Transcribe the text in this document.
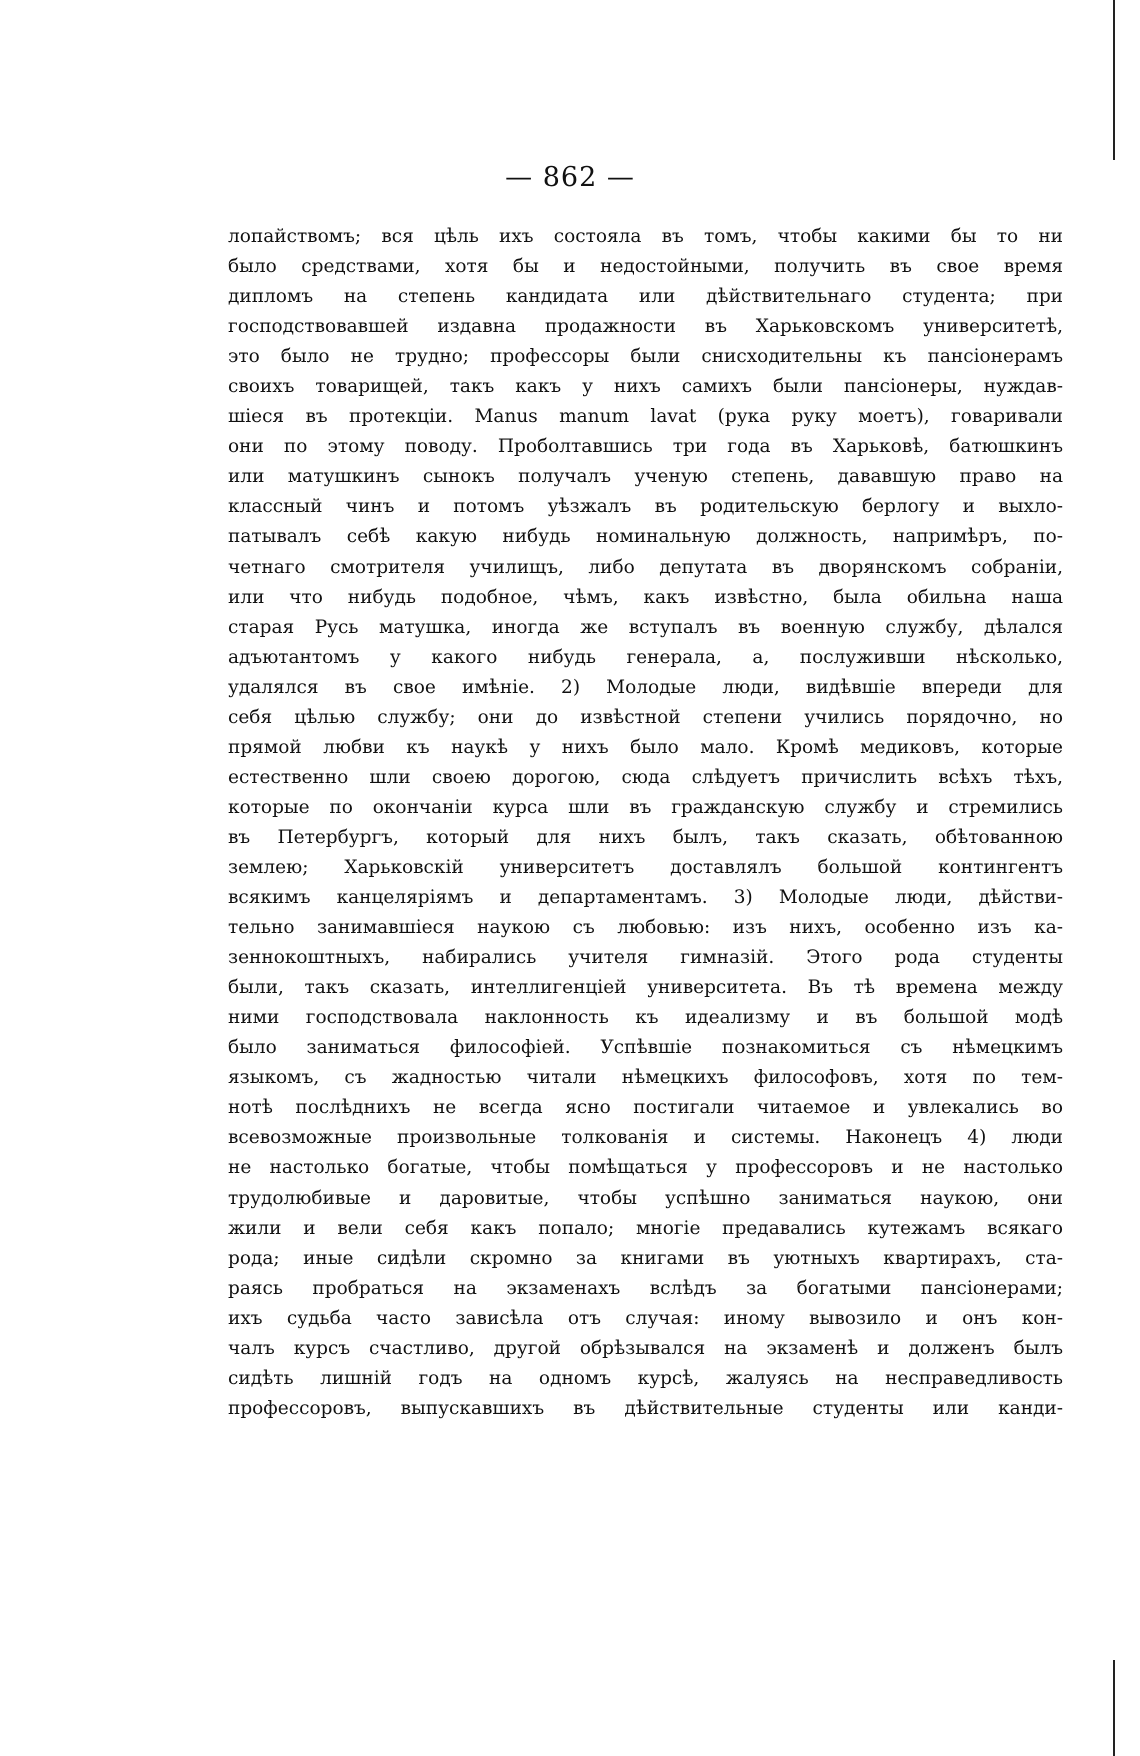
— 862 —
лопайствомъ; вся цѣль ихъ состояла въ томъ, чтобы какими бы то ни
было средствами, хотя бы и недостойными, получить въ свое время
дипломъ на степень кандидата или дѣйствительнаго студента; при
господствовавшей издавна продажности въ Харьковскомъ университетѣ,
это было не трудно; профессоры были снисходительны къ пансіонерамъ
своихъ товарищей, такъ какъ у нихъ самихъ были пансіонеры, нуждав-
шіеся въ протекціи. Manus manum lavat (рука руку моетъ), говаривали
они по этому поводу. Проболтавшись три года въ Харьковѣ, батюшкинъ
или матушкинъ сынокъ получалъ ученую степень, дававшую право на
классный чинъ и потомъ уѣзжалъ въ родительскую берлогу и выхло-
патывалъ себѣ какую нибудь номинальную должность, напримѣръ, по-
четнаго смотрителя училищъ, либо депутата въ дворянскомъ собраніи,
или что нибудь подобное, чѣмъ, какъ извѣстно, была обильна наша
старая Русь матушка, иногда же вступалъ въ военную службу, дѣлался
адъютантомъ у какого нибудь генерала, а, послуживши нѣсколько,
удалялся въ свое имѣніе. 2) Молодые люди, видѣвшіе впереди для
себя цѣлью службу; они до извѣстной степени учились порядочно, но
прямой любви къ наукѣ у нихъ было мало. Кромѣ медиковъ, которые
естественно шли своею дорогою, сюда слѣдуетъ причислить всѣхъ тѣхъ,
которые по окончаніи курса шли въ гражданскую службу и стремились
въ Петербургъ, который для нихъ былъ, такъ сказать, обѣтованною
землею; Харьковскій университетъ доставлялъ большой контингентъ
всякимъ канцеляріямъ и департаментамъ. 3) Молодые люди, дѣйстви-
тельно занимавшіеся наукою съ любовью: изъ нихъ, особенно изъ ка-
зеннокоштныхъ, набирались учителя гимназій. Этого рода студенты
были, такъ сказать, интеллигенціей университета. Въ тѣ времена между
ними господствовала наклонность къ идеализму и въ большой модѣ
было заниматься философіей. Успѣвшіе познакомиться съ нѣмецкимъ
языкомъ, съ жадностью читали нѣмецкихъ философовъ, хотя по тем-
нотѣ послѣднихъ не всегда ясно постигали читаемое и увлекались во
всевозможные произвольные толкованія и системы. Наконецъ 4) люди
не настолько богатые, чтобы помѣщаться у профессоровъ и не настолько
трудолюбивые и даровитые, чтобы успѣшно заниматься наукою, они
жили и вели себя какъ попало; многіе предавались кутежамъ всякаго
рода; иные сидѣли скромно за книгами въ уютныхъ квартирахъ, ста-
раясь пробраться на экзаменахъ вслѣдъ за богатыми пансіонерами;
ихъ судьба часто зависѣла отъ случая: иному вывозило и онъ кон-
чалъ курсъ счастливо, другой обрѣзывался на экзаменѣ и долженъ былъ
сидѣть лишній годъ на одномъ курсѣ, жалуясь на несправедливость
профессоровъ, выпускавшихъ въ дѣйствительные студенты или канди-
